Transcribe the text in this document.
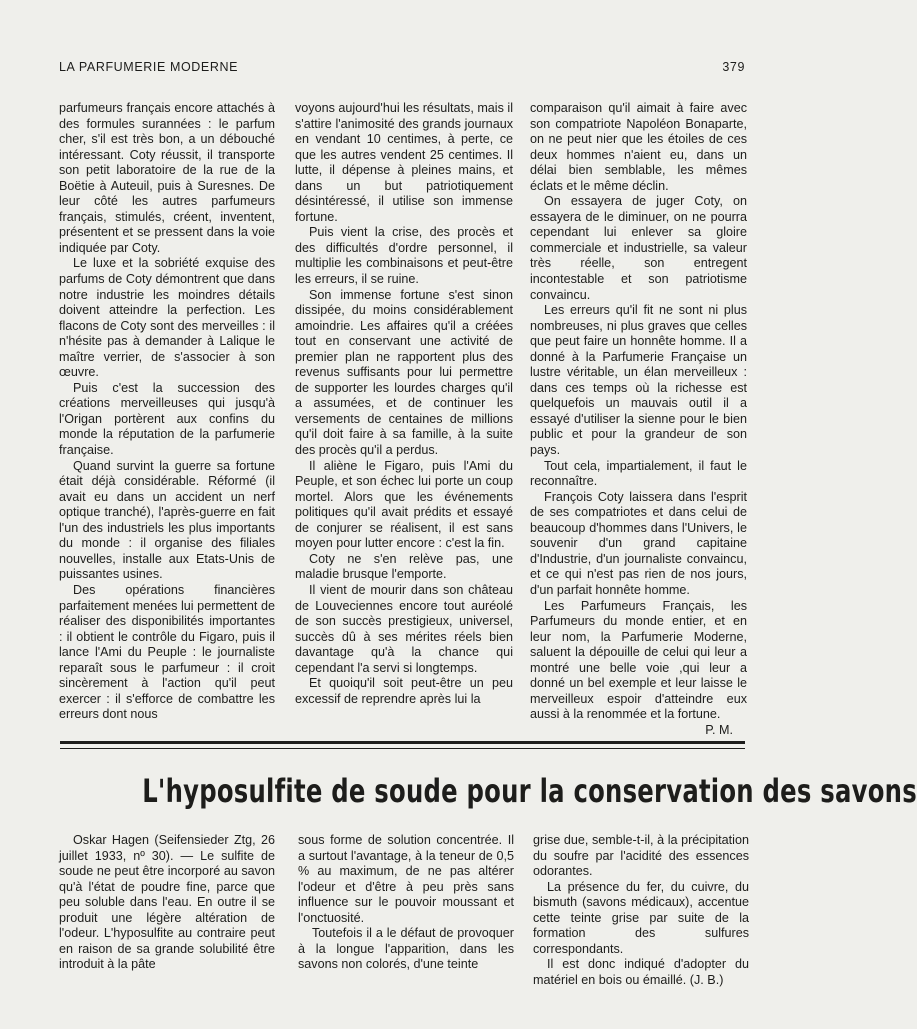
LA PARFUMERIE MODERNE	379

parfumeurs français encore attachés à des formules surannées : le parfum cher, s'il est très bon, a un débouché intéressant. Coty réussit, il transporte son petit laboratoire de la rue de la Boëtie à Auteuil, puis à Suresnes. De leur côté les autres parfumeurs français, stimulés, créent, inventent, présentent et se pressent dans la voie indiquée par Coty.

Le luxe et la sobriété exquise des parfums de Coty démontrent que dans notre industrie les moindres détails doivent atteindre la perfection. Les flacons de Coty sont des merveilles : il n'hésite pas à demander à Lalique le maître verrier, de s'associer à son œuvre.

Puis c'est la succession des créations merveilleuses qui jusqu'à l'Origan portèrent aux confins du monde la réputation de la parfumerie française.

Quand survint la guerre sa fortune était déjà considérable. Réformé (il avait eu dans un accident un nerf optique tranché), l'après-guerre en fait l'un des industriels les plus importants du monde : il organise des filiales nouvelles, installe aux Etats-Unis de puissantes usines.

Des opérations financières parfaitement menées lui permettent de réaliser des disponibilités importantes : il obtient le contrôle du Figaro, puis il lance l'Ami du Peuple : le journaliste reparaît sous le parfumeur : il croit sincèrement à l'action qu'il peut exercer : il s'efforce de combattre les erreurs dont nous

voyons aujourd'hui les résultats, mais il s'attire l'animosité des grands journaux en vendant 10 centimes, à perte, ce que les autres vendent 25 centimes. Il lutte, il dépense à pleines mains, et dans un but patriotiquement désintéressé, il utilise son immense fortune.

Puis vient la crise, des procès et des difficultés d'ordre personnel, il multiplie les combinaisons et peut-être les erreurs, il se ruine.

Son immense fortune s'est sinon dissipée, du moins considérablement amoindrie. Les affaires qu'il a créées tout en conservant une activité de premier plan ne rapportent plus des revenus suffisants pour lui permettre de supporter les lourdes charges qu'il a assumées, et de continuer les versements de centaines de millions qu'il doit faire à sa famille, à la suite des procès qu'il a perdus.

Il aliène le Figaro, puis l'Ami du Peuple, et son échec lui porte un coup mortel. Alors que les événements politiques qu'il avait prédits et essayé de conjurer se réalisent, il est sans moyen pour lutter encore : c'est la fin.

Coty ne s'en relève pas, une maladie brusque l'emporte.

Il vient de mourir dans son château de Louveciennes encore tout auréolé de son succès prestigieux, universel, succès dû à ses mérites réels bien davantage qu'à la chance qui cependant l'a servi si longtemps.

Et quoiqu'il soit peut-être un peu excessif de reprendre après lui la

comparaison qu'il aimait à faire avec son compatriote Napoléon Bonaparte, on ne peut nier que les étoiles de ces deux hommes n'aient eu, dans un délai bien semblable, les mêmes éclats et le même déclin.

On essayera de juger Coty, on essayera de le diminuer, on ne pourra cependant lui enlever sa gloire commerciale et industrielle, sa valeur très réelle, son entregent incontestable et son patriotisme convaincu.

Les erreurs qu'il fit ne sont ni plus nombreuses, ni plus graves que celles que peut faire un honnête homme. Il a donné à la Parfumerie Française un lustre véritable, un élan merveilleux : dans ces temps où la richesse est quelquefois un mauvais outil il a essayé d'utiliser la sienne pour le bien public et pour la grandeur de son pays.

Tout cela, impartialement, il faut le reconnaître.

François Coty laissera dans l'esprit de ses compatriotes et dans celui de beaucoup d'hommes dans l'Univers, le souvenir d'un grand capitaine d'Industrie, d'un journaliste convaincu, et ce qui n'est pas rien de nos jours, d'un parfait honnête homme.

Les Parfumeurs Français, les Parfumeurs du monde entier, et en leur nom, la Parfumerie Moderne, saluent la dépouille de celui qui leur a montré une belle voie ,qui leur a donné un bel exemple et leur laisse le merveilleux espoir d'atteindre eux aussi à la renommée et la fortune.

P. M.

L'hyposulfite de soude pour la conservation des savons

Oskar Hagen (Seifensieder Ztg, 26 juillet 1933, nº 30). — Le sulfite de soude ne peut être incorporé au savon qu'à l'état de poudre fine, parce que peu soluble dans l'eau. En outre il se produit une légère altération de l'odeur. L'hyposulfite au contraire peut en raison de sa grande solubilité être introduit à la pâte

sous forme de solution concentrée. Il a surtout l'avantage, à la teneur de 0,5 % au maximum, de ne pas altérer l'odeur et d'être à peu près sans influence sur le pouvoir moussant et l'onctuosité.

Toutefois il a le défaut de provoquer à la longue l'apparition, dans les savons non colorés, d'une teinte

grise due, semble-t-il, à la précipitation du soufre par l'acidité des essences odorantes.

La présence du fer, du cuivre, du bismuth (savons médicaux), accentue cette teinte grise par suite de la formation des sulfures correspondants.

Il est donc indiqué d'adopter du matériel en bois ou émaillé. (J. B.)
